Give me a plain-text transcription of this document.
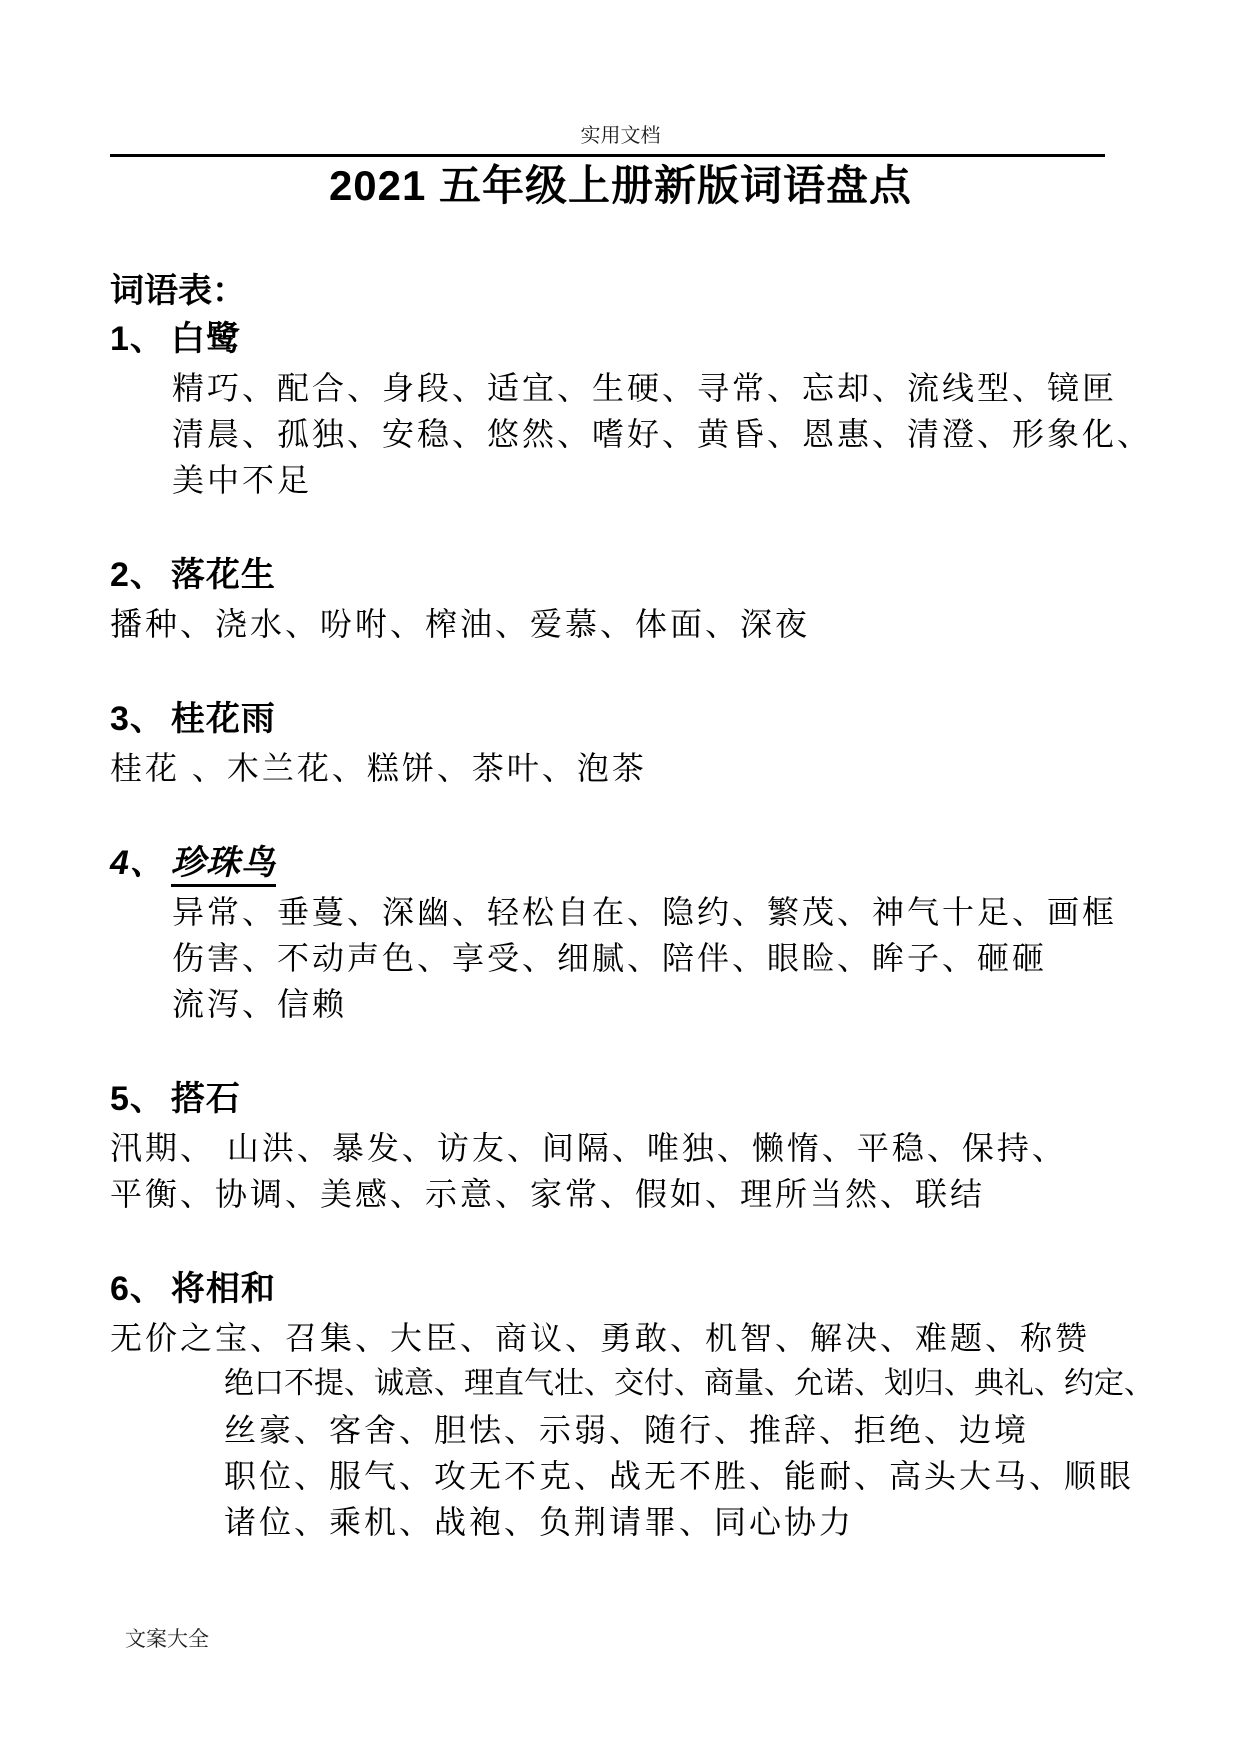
实用文档
2021 五年级上册新版词语盘点
词语表：
1、 白鹭

精巧、配合、身段、适宜、生硬、寻常、忘却、流线型、镜匣

清晨、孤独、安稳、悠然、嗜好、黄昏、恩惠、清澄、形象化、

美中不足

2、 落花生

播种、浇水、吩咐、榨油、爱慕、体面、深夜

3、 桂花雨

桂花 、木兰花、糕饼、茶叶、泡茶

4、 珍珠鸟

异常、垂蔓、深幽、轻松自在、隐约、繁茂、神气十足、画框

伤害、不动声色、享受、细腻、陪伴、眼睑、眸子、砸砸

流泻、信赖

5、 搭石

汛期、 山洪、暴发、访友、间隔、唯独、懒惰、平稳、保持、

平衡、协调、美感、示意、家常、假如、理所当然、联结

6、 将相和

无价之宝、召集、大臣、商议、勇敢、机智、解决、难题、称赞

绝口不提、诚意、理直气壮、交付、商量、允诺、划归、典礼、约定、

丝豪、客舍、胆怯、示弱、随行、推辞、拒绝、边境

职位、服气、攻无不克、战无不胜、能耐、高头大马、顺眼

诸位、乘机、战袍、负荆请罪、同心协力

文案大全
